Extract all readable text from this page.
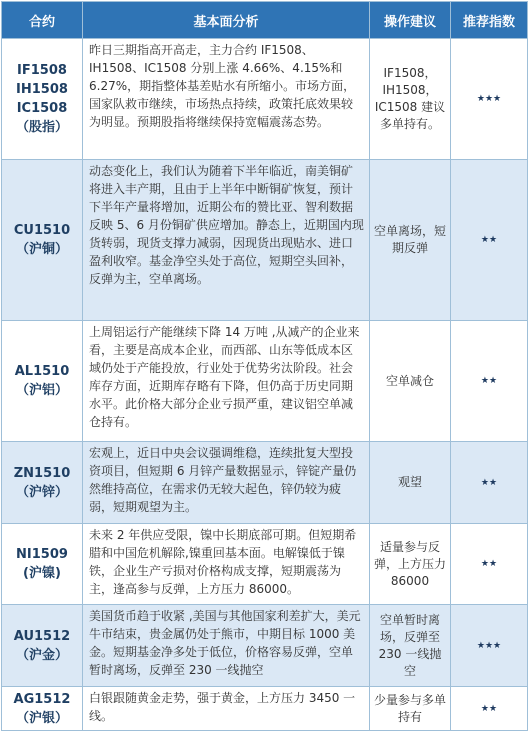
合约	基本面分析	操作建议	推荐指数

IF1508
IH1508
IC1508
（股指）	昨日三期指高开高走，主力合约 IF1508、IH1508、IC1508 分别上涨 4.66%、4.15%和 6.27%，期指整体基差贴水有所缩小。市场方面，国家队救市继续，市场热点持续，政策托底效果较为明显。预期股指将继续保持宽幅震荡态势。	IF1508，IH1508，IC1508 建议多单持有。	★★★

CU1510
（沪铜）	动态变化上，我们认为随着下半年临近，南美铜矿将进入丰产期，且由于上半年中断铜矿恢复，预计下半年产量将增加，近期公布的赞比亚、智利数据反映 5、6 月份铜矿供应增加。静态上，近期国内现货转弱，现货支撑力减弱，因现货出现贴水、进口盈利收窄。基金净空头处于高位，短期空头回补，反弹为主，空单离场。	空单离场，短期反弹	★★

AL1510
（沪铝）	上周铝运行产能继续下降 14 万吨 ,从减产的企业来看，主要是高成本企业，而西部、山东等低成本区域仍处于产能投放，行业处于优势劣汰阶段。社会库存方面，近期库存略有下降，但仍高于历史同期水平。此价格大部分企业亏损严重，建议铝空单减仓持有。	空单减仓	★★

ZN1510
（沪锌）	宏观上，近日中央会议强调维稳，连续批复大型投资项目，但短期 6 月锌产量数据显示，锌锭产量仍然维持高位，在需求仍无较大起色，锌仍较为疲弱，短期观望为主。	观望	★★

NI1509
(沪镍)	未来 2 年供应受限，镍中长期底部可期。但短期希腊和中国危机解除,镍重回基本面。电解镍低于镍铁，企业生产亏损对价格构成支撑，短期震荡为主，逢高参与反弹，上方压力 86000。	适量参与反弹，上方压力 86000	★★

AU1512
（沪金）	美国货币趋于收紧 ,美国与其他国家利差扩大，美元牛市结束，贵金属仍处于熊市，中期目标 1000 美金。短期基金净多处于低位，价格容易反弹，空单暂时离场，反弹至 230 一线抛空	空单暂时离场，反弹至 230 一线抛空	★★★

AG1512
（沪银）	白银跟随黄金走势，强于黄金，上方压力 3450 一线。	少量参与多单持有	★★
